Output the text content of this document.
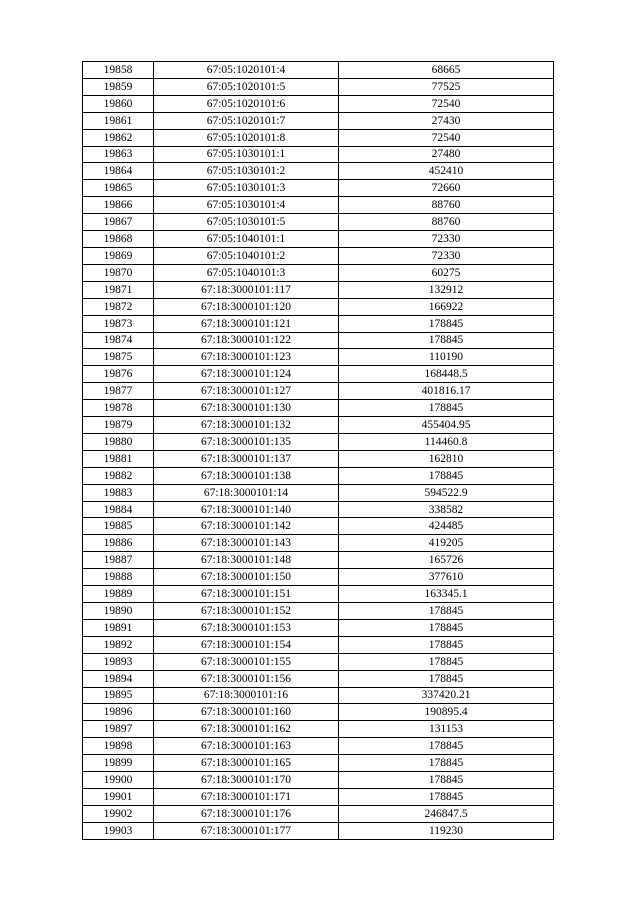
19858	67:05:1020101:4	68665
19859	67:05:1020101:5	77525
19860	67:05:1020101:6	72540
19861	67:05:1020101:7	27430
19862	67:05:1020101:8	72540
19863	67:05:1030101:1	27480
19864	67:05:1030101:2	452410
19865	67:05:1030101:3	72660
19866	67:05:1030101:4	88760
19867	67:05:1030101:5	88760
19868	67:05:1040101:1	72330
19869	67:05:1040101:2	72330
19870	67:05:1040101:3	60275
19871	67:18:3000101:117	132912
19872	67:18:3000101:120	166922
19873	67:18:3000101:121	178845
19874	67:18:3000101:122	178845
19875	67:18:3000101:123	110190
19876	67:18:3000101:124	168448.5
19877	67:18:3000101:127	401816.17
19878	67:18:3000101:130	178845
19879	67:18:3000101:132	455404.95
19880	67:18:3000101:135	114460.8
19881	67:18:3000101:137	162810
19882	67:18:3000101:138	178845
19883	67:18:3000101:14	594522.9
19884	67:18:3000101:140	338582
19885	67:18:3000101:142	424485
19886	67:18:3000101:143	419205
19887	67:18:3000101:148	165726
19888	67:18:3000101:150	377610
19889	67:18:3000101:151	163345.1
19890	67:18:3000101:152	178845
19891	67:18:3000101:153	178845
19892	67:18:3000101:154	178845
19893	67:18:3000101:155	178845
19894	67:18:3000101:156	178845
19895	67:18:3000101:16	337420.21
19896	67:18:3000101:160	190895.4
19897	67:18:3000101:162	131153
19898	67:18:3000101:163	178845
19899	67:18:3000101:165	178845
19900	67:18:3000101:170	178845
19901	67:18:3000101:171	178845
19902	67:18:3000101:176	246847.5
19903	67:18:3000101:177	119230
